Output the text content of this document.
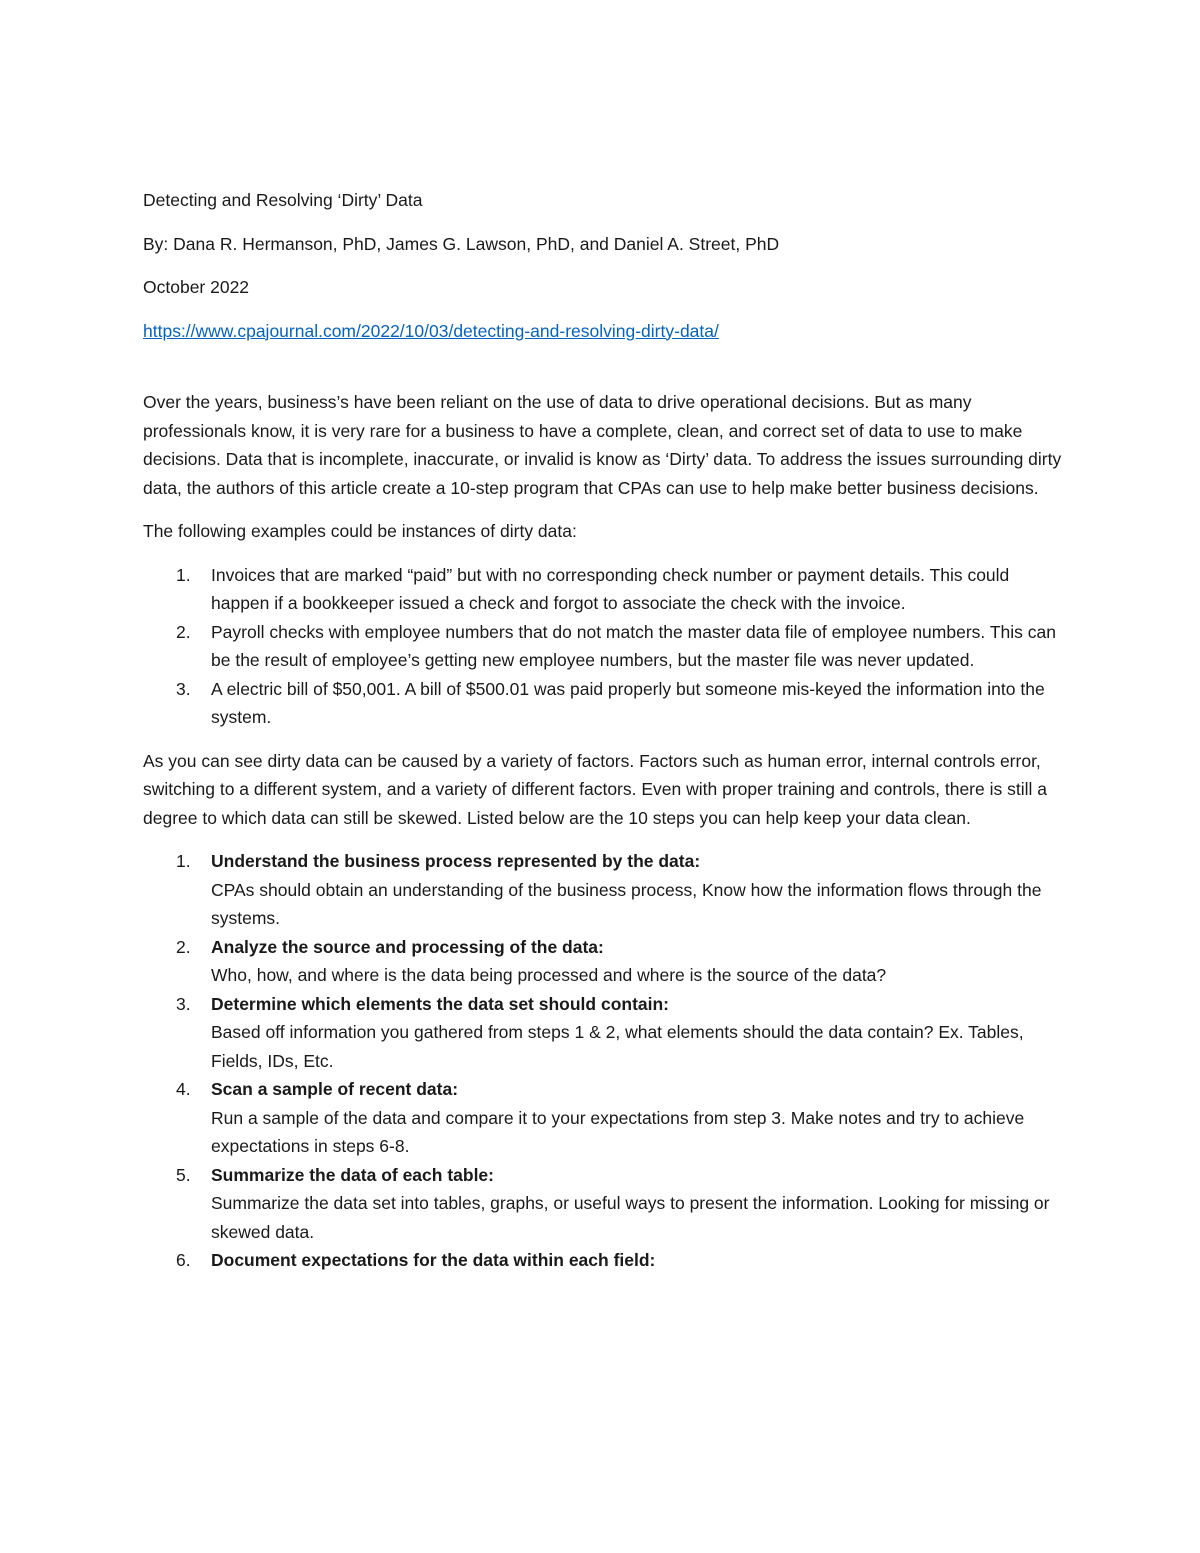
Detecting and Resolving ‘Dirty’ Data

By: Dana R. Hermanson, PhD, James G. Lawson, PhD, and Daniel A. Street, PhD

October 2022

https://www.cpajournal.com/2022/10/03/detecting-and-resolving-dirty-data/

Over the years, business’s have been reliant on the use of data to drive operational decisions. But as many professionals know, it is very rare for a business to have a complete, clean, and correct set of data to use to make decisions. Data that is incomplete, inaccurate, or invalid is know as ‘Dirty’ data. To address the issues surrounding dirty data, the authors of this article create a 10-step program that CPAs can use to help make better business decisions.

The following examples could be instances of dirty data:

1. Invoices that are marked “paid” but with no corresponding check number or payment details. This could happen if a bookkeeper issued a check and forgot to associate the check with the invoice.
2. Payroll checks with employee numbers that do not match the master data file of employee numbers. This can be the result of employee’s getting new employee numbers, but the master file was never updated.
3. A electric bill of $50,001. A bill of $500.01 was paid properly but someone mis-keyed the information into the system.

As you can see dirty data can be caused by a variety of factors. Factors such as human error, internal controls error, switching to a different system, and a variety of different factors. Even with proper training and controls, there is still a degree to which data can still be skewed. Listed below are the 10 steps you can help keep your data clean.

1. Understand the business process represented by the data:
CPAs should obtain an understanding of the business process, Know how the information flows through the systems.
2. Analyze the source and processing of the data:
Who, how, and where is the data being processed and where is the source of the data?
3. Determine which elements the data set should contain:
Based off information you gathered from steps 1 & 2, what elements should the data contain? Ex. Tables, Fields, IDs, Etc.
4. Scan a sample of recent data:
Run a sample of the data and compare it to your expectations from step 3. Make notes and try to achieve expectations in steps 6-8.
5. Summarize the data of each table:
Summarize the data set into tables, graphs, or useful ways to present the information. Looking for missing or skewed data.
6. Document expectations for the data within each field:
